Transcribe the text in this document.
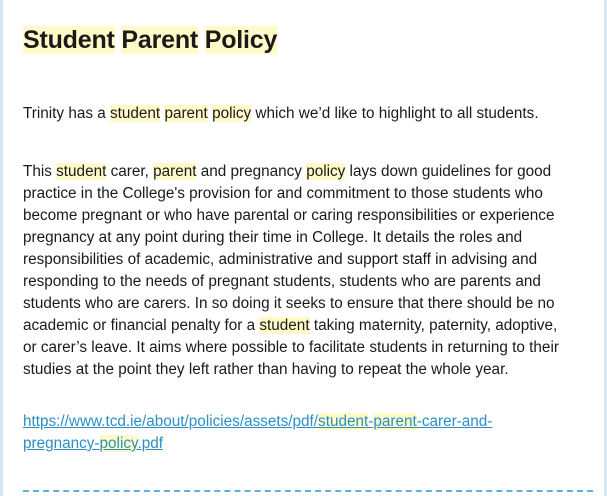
Student Parent Policy

Trinity has a student parent policy which we’d like to highlight to all students.

This student carer, parent and pregnancy policy lays down guidelines for good
practice in the College's provision for and commitment to those students who
become pregnant or who have parental or caring responsibilities or experience
pregnancy at any point during their time in College. It details the roles and
responsibilities of academic, administrative and support staff in advising and
responding to the needs of pregnant students, students who are parents and
students who are carers. In so doing it seeks to ensure that there should be no
academic or financial penalty for a student taking maternity, paternity, adoptive,
or carer’s leave. It aims where possible to facilitate students in returning to their
studies at the point they left rather than having to repeat the whole year.

https://www.tcd.ie/about/policies/assets/pdf/student-parent-carer-and-
pregnancy-policy.pdf
